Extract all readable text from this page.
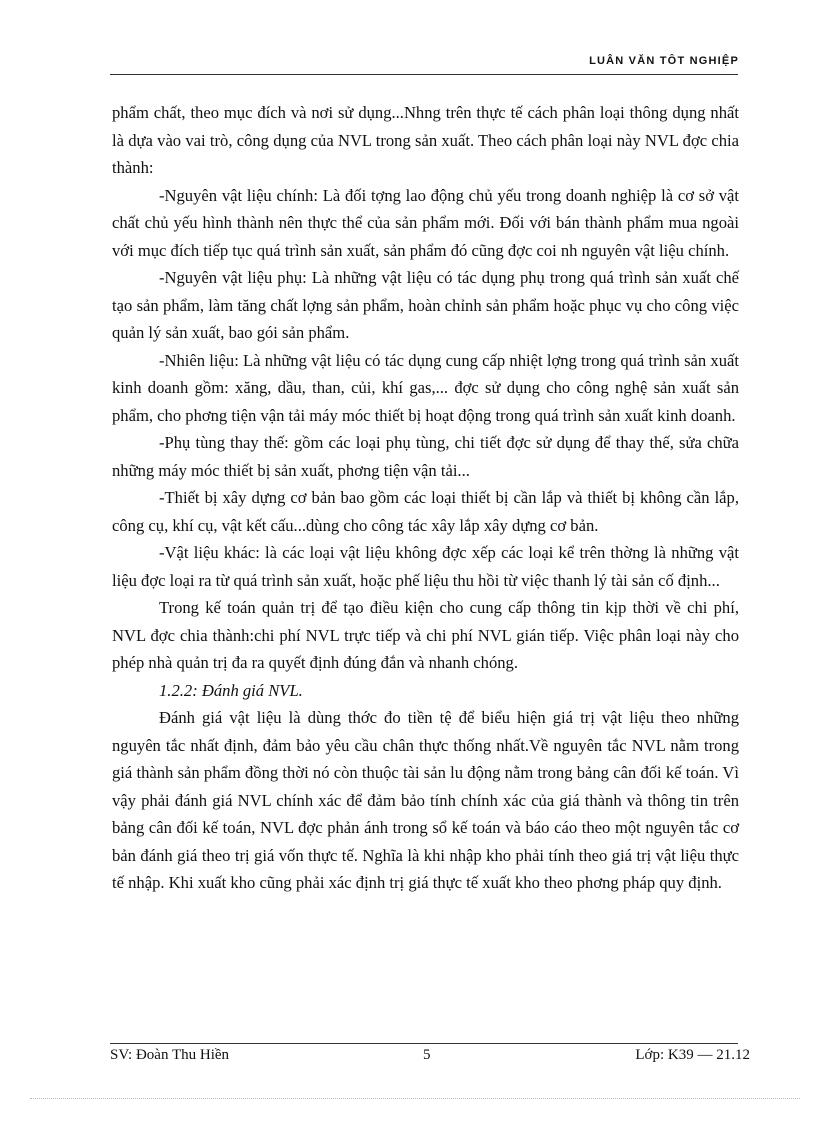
LUÂN VĂN TÔT NGHIỆP

phẩm chất, theo mục đích và nơi sử dụng...Nhng trên thực tế cách phân loại thông dụng nhất là dựa vào vai trò, công dụng của NVL trong sản xuất. Theo cách phân loại này NVL đợc chia thành:

-Nguyên vật liệu chính: Là đối tợng lao động chủ yếu trong doanh nghiệp là cơ sở vật chất chủ yếu hình thành nên thực thể của sản phẩm mới. Đối với bán thành phẩm mua ngoài với mục đích tiếp tục quá trình sản xuất, sản phẩm đó cũng đợc coi nh nguyên vật liệu chính.

-Nguyên vật liệu phụ: Là những vật liệu có tác dụng phụ trong quá trình sản xuất chế tạo sản phẩm, làm tăng chất lợng sản phẩm, hoàn chỉnh sản phẩm hoặc phục vụ cho công việc quản lý sản xuất, bao gói sản phẩm.

-Nhiên liệu: Là những vật liệu có tác dụng cung cấp nhiệt lợng trong quá trình sản xuất kinh doanh gồm: xăng, dầu, than, củi, khí gas,... đợc sử dụng cho công nghệ sản xuất sản phẩm, cho phơng tiện vận tải máy móc thiết bị hoạt động trong quá trình sản xuất kinh doanh.

-Phụ tùng thay thế: gồm các loại phụ tùng, chi tiết đợc sử dụng để thay thế, sửa chữa những máy móc thiết bị sản xuất, phơng tiện vận tải...

-Thiết bị xây dựng cơ bản bao gồm các loại thiết bị cần lắp và thiết bị không cần lắp, công cụ, khí cụ, vật kết cấu...dùng cho công tác xây lắp xây dựng cơ bản.

-Vật liệu khác: là các loại vật liệu không đợc xếp các loại kể trên thờng là những vật liệu đợc loại ra từ quá trình sản xuất, hoặc phế liệu thu hồi từ việc thanh lý tài sản cố định...

Trong kế toán quản trị để tạo điều kiện cho cung cấp thông tin kịp thời về chi phí, NVL đợc chia thành:chi phí NVL trực tiếp và chi phí NVL gián tiếp. Việc phân loại này cho phép nhà quản trị đa ra quyết định đúng đắn và nhanh chóng.

1.2.2: Đánh giá NVL.

Đánh giá vật liệu là dùng thớc đo tiền tệ để biểu hiện giá trị vật liệu theo những nguyên tắc nhất định, đảm bảo yêu cầu chân thực thống nhất.Về nguyên tắc NVL nằm trong giá thành sản phẩm đồng thời nó còn thuộc tài sản lu động nằm trong bảng cân đối kế toán. Vì vậy phải đánh giá NVL chính xác để đảm bảo tính chính xác của giá thành và thông tin trên bảng cân đối kế toán, NVL đợc phản ánh trong sổ kế toán và báo cáo theo một nguyên tắc cơ bản đánh giá theo trị giá vốn thực tế. Nghĩa là khi nhập kho phải tính theo giá trị vật liệu thực tế nhập. Khi xuất kho cũng phải xác định trị giá thực tế xuất kho theo phơng pháp quy định.

SV: Đoàn Thu Hiền	5	Lớp: K39 — 21.12
